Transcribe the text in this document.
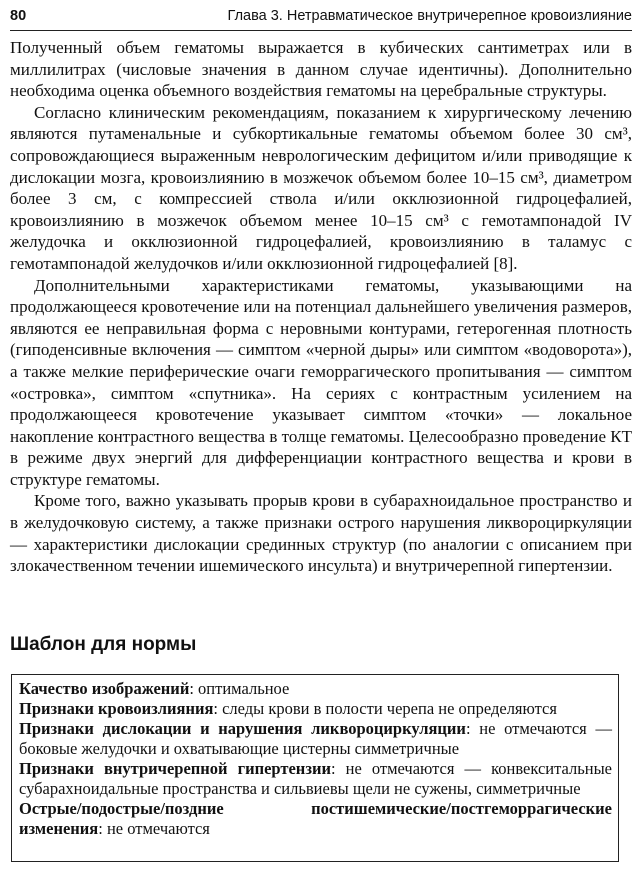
80	Глава 3. Нетравматическое внутричерепное кровоизлияние

Полученный объем гематомы выражается в кубических сантиметрах или в миллилитрах (числовые значения в данном случае идентичны). Дополнительно необходима оценка объемного воздействия гематомы на церебральные структуры.

Согласно клиническим рекомендациям, показанием к хирургическому лечению являются путаменальные и субкортикальные гематомы объемом более 30 см³, сопровождающиеся выраженным неврологическим дефицитом и/или приводящие к дислокации мозга, кровоизлиянию в мозжечок объемом более 10–15 см³, диаметром более 3 см, с компрессией ствола и/или окклюзионной гидроцефалией, кровоизлиянию в мозжечок объемом менее 10–15 см³ с гемотампонадой IV желудочка и окклюзионной гидроцефалией, кровоизлиянию в таламус с гемотампонадой желудочков и/или окклюзионной гидроцефалией [8].

Дополнительными характеристиками гематомы, указывающими на продолжающееся кровотечение или на потенциал дальнейшего увеличения размеров, являются ее неправильная форма с неровными контурами, гетерогенная плотность (гиподенсивные включения — симптом «черной дыры» или симптом «водоворота»), а также мелкие периферические очаги геморрагического пропитывания — симптом «островка», симптом «спутника». На сериях с контрастным усилением на продолжающееся кровотечение указывает симптом «точки» — локальное накопление контрастного вещества в толще гематомы. Целесообразно проведение КТ в режиме двух энергий для дифференциации контрастного вещества и крови в структуре гематомы.

Кроме того, важно указывать прорыв крови в субарахноидальное пространство и в желудочковую систему, а также признаки острого нарушения ликвороциркуляции — характеристики дислокации срединных структур (по аналогии с описанием при злокачественном течении ишемического инсульта) и внутричерепной гипертензии.

Шаблон для нормы

Качество изображений: оптимальное

Признаки кровоизлияния: следы крови в полости черепа не определяются

Признаки дислокации и нарушения ликвороциркуляции: не отмечаются — боковые желудочки и охватывающие цистерны симметричные

Признаки внутричерепной гипертензии: не отмечаются — конвекситальные субарахноидальные пространства и сильвиевы щели не сужены, симметричные

Острые/подострые/поздние постишемические/постгеморрагические изменения: не отмечаются
